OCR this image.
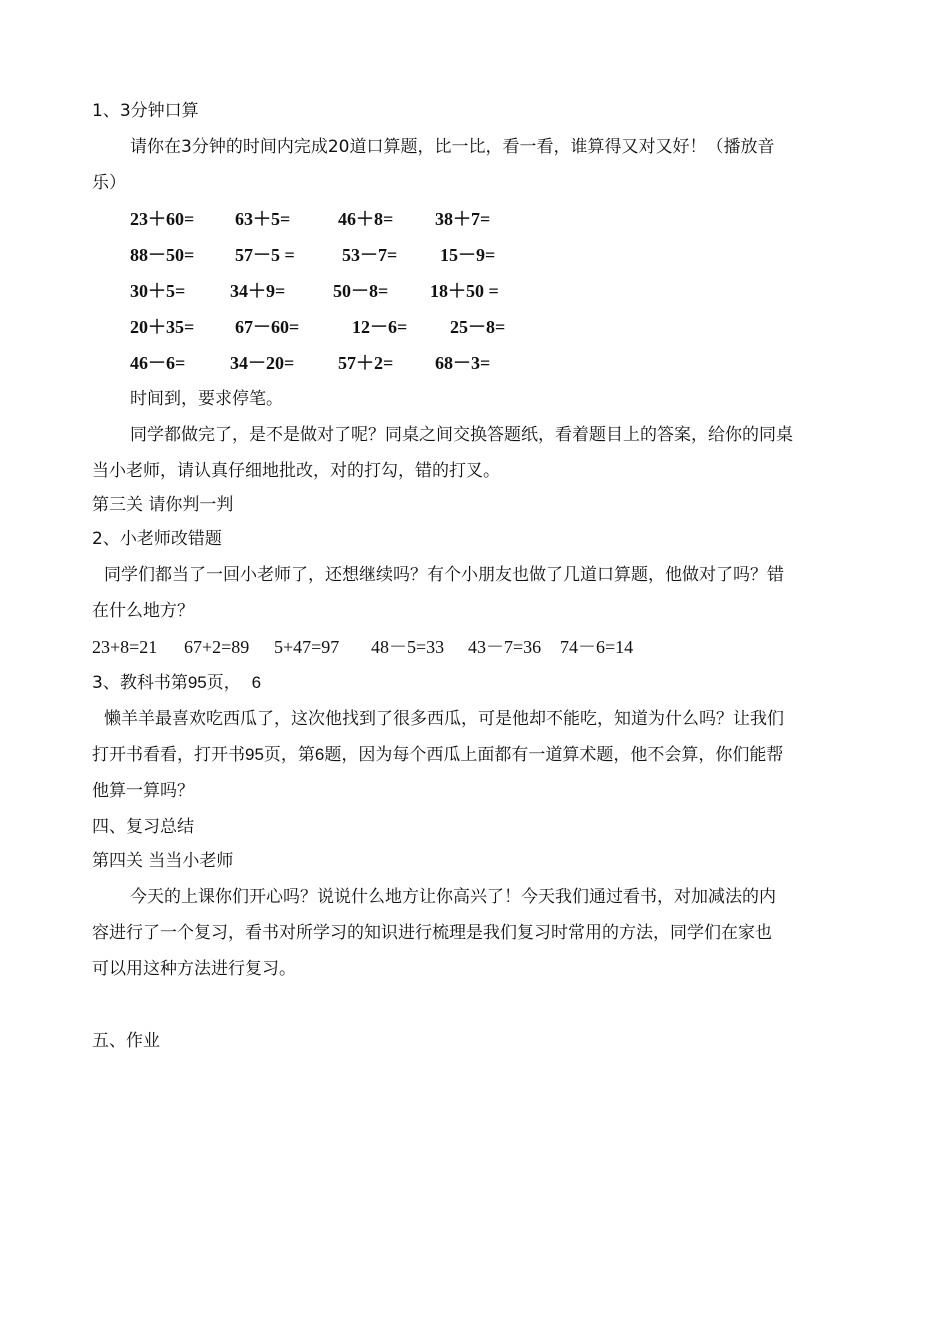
1、3分钟口算
请你在3分钟的时间内完成20道口算题，比一比，看一看，谁算得又对又好！（播放音
乐）
23＋60= 63＋5=	46＋8= 38＋7=
88－50= 57－5 =	53－7= 15－9=
30＋5= 34＋9=	50－8= 18＋50 =
20＋35= 67－60=	12－6= 25－8=
46－6= 34－20= 57＋2= 68－3=
时间到，要求停笔。
同学都做完了，是不是做对了呢？同桌之间交换答题纸，看着题目上的答案，给你的同桌
当小老师，请认真仔细地批改，对的打勾，错的打叉。
第三关 请你判一判
2、小老师改错题
同学们都当了一回小老师了，还想继续吗？有个小朋友也做了几道口算题，他做对了吗？错
在什么地方？
23+8=21 67+2=89 5+47=97 48－5=33 43－7=36 74－6=14
3、教科书第95页， 6
懒羊羊最喜欢吃西瓜了，这次他找到了很多西瓜，可是他却不能吃，知道为什么吗？让我们
打开书看看，打开书95页，第6题，因为每个西瓜上面都有一道算术题，他不会算，你们能帮
他算一算吗？
四、复习总结
第四关 当当小老师
今天的上课你们开心吗？说说什么地方让你高兴了！今天我们通过看书，对加减法的内
容进行了一个复习，看书对所学习的知识进行梳理是我们复习时常用的方法，同学们在家也
可以用这种方法进行复习。
五、作业
